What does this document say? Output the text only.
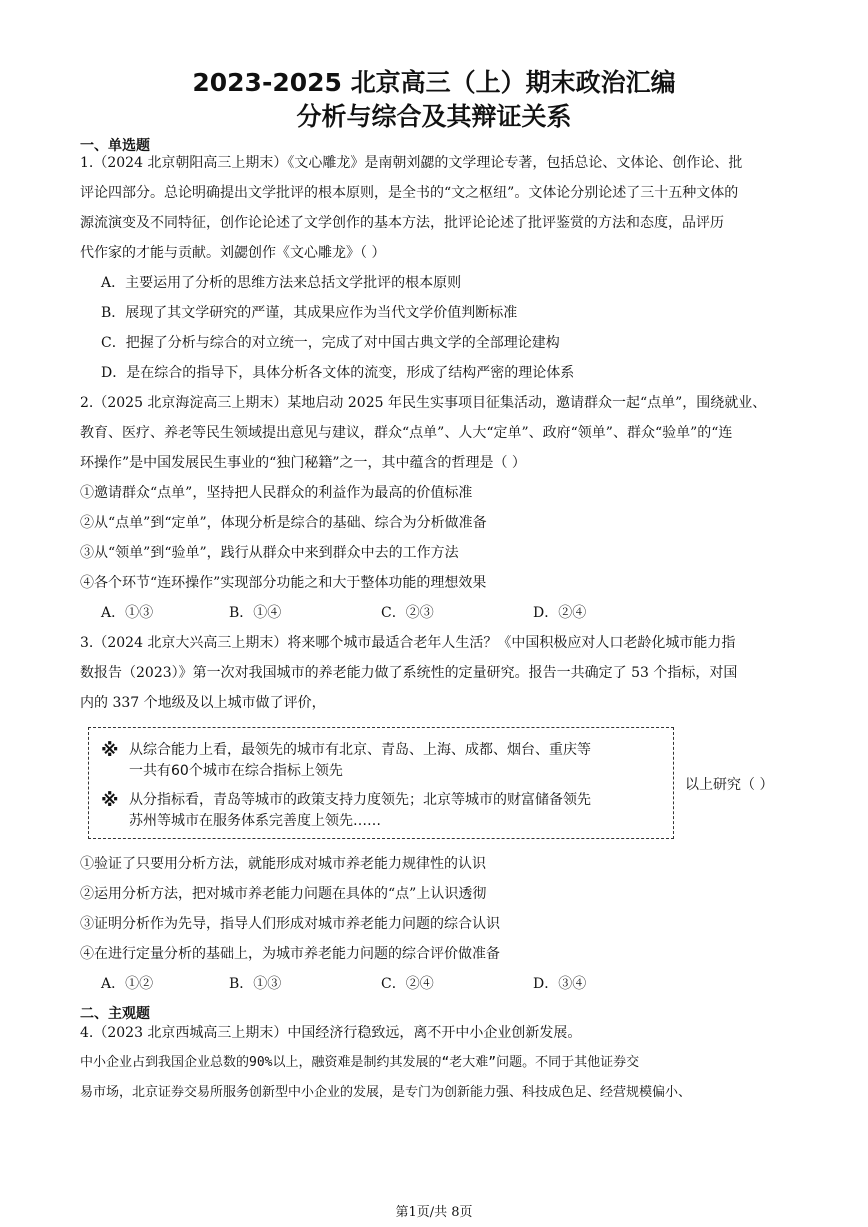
2023-2025 北京高三（上）期末政治汇编
分析与综合及其辩证关系
一、单选题
1.（2024 北京朝阳高三上期末）《文心雕龙》是南朝刘勰的文学理论专著，包括总论、文体论、创作论、批
评论四部分。总论明确提出文学批评的根本原则，是全书的“文之枢纽”。文体论分别论述了三十五种文体的
源流演变及不同特征，创作论论述了文学创作的基本方法，批评论论述了批评鉴赏的方法和态度，品评历
代作家的才能与贡献。刘勰创作《文心雕龙》（ ）
A．主要运用了分析的思维方法来总括文学批评的根本原则
B．展现了其文学研究的严谨，其成果应作为当代文学价值判断标准
C．把握了分析与综合的对立统一，完成了对中国古典文学的全部理论建构
D．是在综合的指导下，具体分析各文体的流变，形成了结构严密的理论体系
2.（2025 北京海淀高三上期末）某地启动 2025 年民生实事项目征集活动，邀请群众一起“点单”，围绕就业、
教育、医疗、养老等民生领域提出意见与建议，群众“点单”、人大“定单”、政府“领单”、群众“验单”的“连
环操作”是中国发展民生事业的“独门秘籍”之一，其中蕴含的哲理是（ ）
①邀请群众“点单”，坚持把人民群众的利益作为最高的价值标准
②从“点单”到“定单”，体现分析是综合的基础、综合为分析做准备
③从“领单”到“验单”，践行从群众中来到群众中去的工作方法
④各个环节“连环操作”实现部分功能之和大于整体功能的理想效果
A．①③	B．①④	C．②③	D．②④
3.（2024 北京大兴高三上期末）将来哪个城市最适合老年人生活？《中国积极应对人口老龄化城市能力指
数报告（2023）》第一次对我国城市的养老能力做了系统性的定量研究。报告一共确定了 53 个指标，对国
内的 337 个地级及以上城市做了评价，
※ 从综合能力上看，最领先的城市有北京、青岛、上海、成都、烟台、重庆等
一共有60个城市在综合指标上领先
※ 从分指标看，青岛等城市的政策支持力度领先；北京等城市的财富储备领先
苏州等城市在服务体系完善度上领先……
以上研究（ ）
①验证了只要用分析方法，就能形成对城市养老能力规律性的认识
②运用分析方法，把对城市养老能力问题在具体的“点”上认识透彻
③证明分析作为先导，指导人们形成对城市养老能力问题的综合认识
④在进行定量分析的基础上，为城市养老能力问题的综合评价做准备
A．①②	B．①③	C．②④	D．③④
二、主观题
4.（2023 北京西城高三上期末）中国经济行稳致远，离不开中小企业创新发展。
中小企业占到我国企业总数的90%以上，融资难是制约其发展的“老大难”问题。不同于其他证券交
易市场，北京证券交易所服务创新型中小企业的发展，是专门为创新能力强、科技成色足、经营规模偏小、
第1页/共 8页
